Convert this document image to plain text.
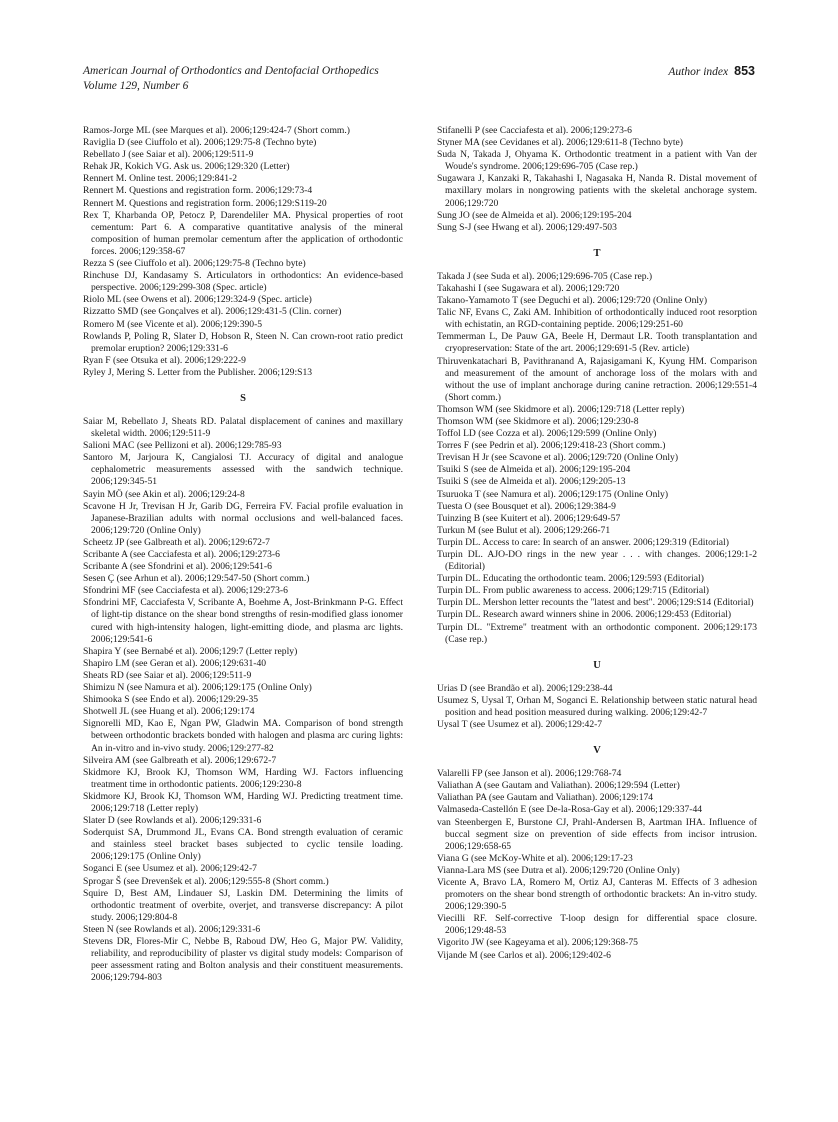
American Journal of Orthodontics and Dentofacial Orthopedics
Volume 129, Number 6
Author index 853
Ramos-Jorge ML (see Marques et al). 2006;129:424-7 (Short comm.)
Raviglia D (see Ciuffolo et al). 2006;129:75-8 (Techno byte)
Rebellato J (see Saiar et al). 2006;129:511-9
Rehak JR, Kokich VG. Ask us. 2006;129:320 (Letter)
Rennert M. Online test. 2006;129:841-2
Rennert M. Questions and registration form. 2006;129:73-4
Rennert M. Questions and registration form. 2006;129:S119-20
Rex T, Kharbanda OP, Petocz P, Darendeliler MA. Physical properties of root cementum: Part 6. A comparative quantitative analysis of the mineral composition of human premolar cementum after the application of orthodontic forces. 2006;129:358-67
Rezza S (see Ciuffolo et al). 2006;129:75-8 (Techno byte)
Rinchuse DJ, Kandasamy S. Articulators in orthodontics: An evidence-based perspective. 2006;129:299-308 (Spec. article)
Riolo ML (see Owens et al). 2006;129:324-9 (Spec. article)
Rizzatto SMD (see Gonçalves et al). 2006;129:431-5 (Clin. corner)
Romero M (see Vicente et al). 2006;129:390-5
Rowlands P, Poling R, Slater D, Hobson R, Steen N. Can crown-root ratio predict premolar eruption? 2006;129:331-6
Ryan F (see Otsuka et al). 2006;129:222-9
Ryley J, Mering S. Letter from the Publisher. 2006;129:S13
S
Saiar M, Rebellato J, Sheats RD. Palatal displacement of canines and maxillary skeletal width. 2006;129:511-9
Salioni MAC (see Pellizoni et al). 2006;129:785-93
Santoro M, Jarjoura K, Cangialosi TJ. Accuracy of digital and analogue cephalometric measurements assessed with the sandwich technique. 2006;129:345-51
Sayin MÖ (see Akin et al). 2006;129:24-8
Scavone H Jr, Trevisan H Jr, Garib DG, Ferreira FV. Facial profile evaluation in Japanese-Brazilian adults with normal occlusions and well-balanced faces. 2006;129:720 (Online Only)
Scheetz JP (see Galbreath et al). 2006;129:672-7
Scribante A (see Cacciafesta et al). 2006;129:273-6
Scribante A (see Sfondrini et al). 2006;129:541-6
Sesen Ç (see Arhun et al). 2006;129:547-50 (Short comm.)
Sfondrini MF (see Cacciafesta et al). 2006;129:273-6
Sfondrini MF, Cacciafesta V, Scribante A, Boehme A, Jost-Brinkmann P-G. Effect of light-tip distance on the shear bond strengths of resin-modified glass ionomer cured with high-intensity halogen, light-emitting diode, and plasma arc lights. 2006;129:541-6
Shapira Y (see Bernabé et al). 2006;129:7 (Letter reply)
Shapiro LM (see Geran et al). 2006;129:631-40
Sheats RD (see Saiar et al). 2006;129:511-9
Shimizu N (see Namura et al). 2006;129:175 (Online Only)
Shimooka S (see Endo et al). 2006;129:29-35
Shotwell JL (see Huang et al). 2006;129:174
Signorelli MD, Kao E, Ngan PW, Gladwin MA. Comparison of bond strength between orthodontic brackets bonded with halogen and plasma arc curing lights: An in-vitro and in-vivo study. 2006;129:277-82
Silveira AM (see Galbreath et al). 2006;129:672-7
Skidmore KJ, Brook KJ, Thomson WM, Harding WJ. Factors influencing treatment time in orthodontic patients. 2006;129:230-8
Skidmore KJ, Brook KJ, Thomson WM, Harding WJ. Predicting treatment time. 2006;129:718 (Letter reply)
Slater D (see Rowlands et al). 2006;129:331-6
Soderquist SA, Drummond JL, Evans CA. Bond strength evaluation of ceramic and stainless steel bracket bases subjected to cyclic tensile loading. 2006;129:175 (Online Only)
Soganci E (see Usumez et al). 2006;129:42-7
Sprogar Š (see Drevenšek et al). 2006;129:555-8 (Short comm.)
Squire D, Best AM, Lindauer SJ, Laskin DM. Determining the limits of orthodontic treatment of overbite, overjet, and transverse discrepancy: A pilot study. 2006;129:804-8
Steen N (see Rowlands et al). 2006;129:331-6
Stevens DR, Flores-Mir C, Nebbe B, Raboud DW, Heo G, Major PW. Validity, reliability, and reproducibility of plaster vs digital study models: Comparison of peer assessment rating and Bolton analysis and their constituent measurements. 2006;129:794-803
Stifanelli P (see Cacciafesta et al). 2006;129:273-6
Styner MA (see Cevidanes et al). 2006;129:611-8 (Techno byte)
Suda N, Takada J, Ohyama K. Orthodontic treatment in a patient with Van der Woude's syndrome. 2006;129:696-705 (Case rep.)
Sugawara J, Kanzaki R, Takahashi I, Nagasaka H, Nanda R. Distal movement of maxillary molars in nongrowing patients with the skeletal anchorage system. 2006;129:720
Sung JO (see de Almeida et al). 2006;129:195-204
Sung S-J (see Hwang et al). 2006;129:497-503
T
Takada J (see Suda et al). 2006;129:696-705 (Case rep.)
Takahashi I (see Sugawara et al). 2006;129:720
Takano-Yamamoto T (see Deguchi et al). 2006;129:720 (Online Only)
Talic NF, Evans C, Zaki AM. Inhibition of orthodontically induced root resorption with echistatin, an RGD-containing peptide. 2006;129:251-60
Temmerman L, De Pauw GA, Beele H, Dermaut LR. Tooth transplantation and cryopreservation: State of the art. 2006;129:691-5 (Rev. article)
Thiruvenkatachari B, Pavithranand A, Rajasigamani K, Kyung HM. Comparison and measurement of the amount of anchorage loss of the molars with and without the use of implant anchorage during canine retraction. 2006;129:551-4 (Short comm.)
Thomson WM (see Skidmore et al). 2006;129:718 (Letter reply)
Thomson WM (see Skidmore et al). 2006;129:230-8
Toffol LD (see Cozza et al). 2006;129:599 (Online Only)
Torres F (see Pedrin et al). 2006;129:418-23 (Short comm.)
Trevisan H Jr (see Scavone et al). 2006;129:720 (Online Only)
Tsuiki S (see de Almeida et al). 2006;129:195-204
Tsuiki S (see de Almeida et al). 2006;129:205-13
Tsuruoka T (see Namura et al). 2006;129:175 (Online Only)
Tuesta O (see Bousquet et al). 2006;129:384-9
Tuinzing B (see Kuitert et al). 2006;129:649-57
Turkun M (see Bulut et al). 2006;129:266-71
Turpin DL. Access to care: In search of an answer. 2006;129:319 (Editorial)
Turpin DL. AJO-DO rings in the new year . . . with changes. 2006;129:1-2 (Editorial)
Turpin DL. Educating the orthodontic team. 2006;129:593 (Editorial)
Turpin DL. From public awareness to access. 2006;129:715 (Editorial)
Turpin DL. Mershon letter recounts the "latest and best". 2006;129:S14 (Editorial)
Turpin DL. Research award winners shine in 2006. 2006;129:453 (Editorial)
Turpin DL. "Extreme" treatment with an orthodontic component. 2006;129:173 (Case rep.)
U
Urias D (see Brandão et al). 2006;129:238-44
Usumez S, Uysal T, Orhan M, Soganci E. Relationship between static natural head position and head position measured during walking. 2006;129:42-7
Uysal T (see Usumez et al). 2006;129:42-7
V
Valarelli FP (see Janson et al). 2006;129:768-74
Valiathan A (see Gautam and Valiathan). 2006;129:594 (Letter)
Valiathan PA (see Gautam and Valiathan). 2006;129:174
Valmaseda-Castellón E (see De-la-Rosa-Gay et al). 2006;129:337-44
van Steenbergen E, Burstone CJ, Prahl-Andersen B, Aartman IHA. Influence of buccal segment size on prevention of side effects from incisor intrusion. 2006;129:658-65
Viana G (see McKoy-White et al). 2006;129:17-23
Vianna-Lara MS (see Dutra et al). 2006;129:720 (Online Only)
Vicente A, Bravo LA, Romero M, Ortiz AJ, Canteras M. Effects of 3 adhesion promoters on the shear bond strength of orthodontic brackets: An in-vitro study. 2006;129:390-5
Viecilli RF. Self-corrective T-loop design for differential space closure. 2006;129:48-53
Vigorito JW (see Kageyama et al). 2006;129:368-75
Vijande M (see Carlos et al). 2006;129:402-6
